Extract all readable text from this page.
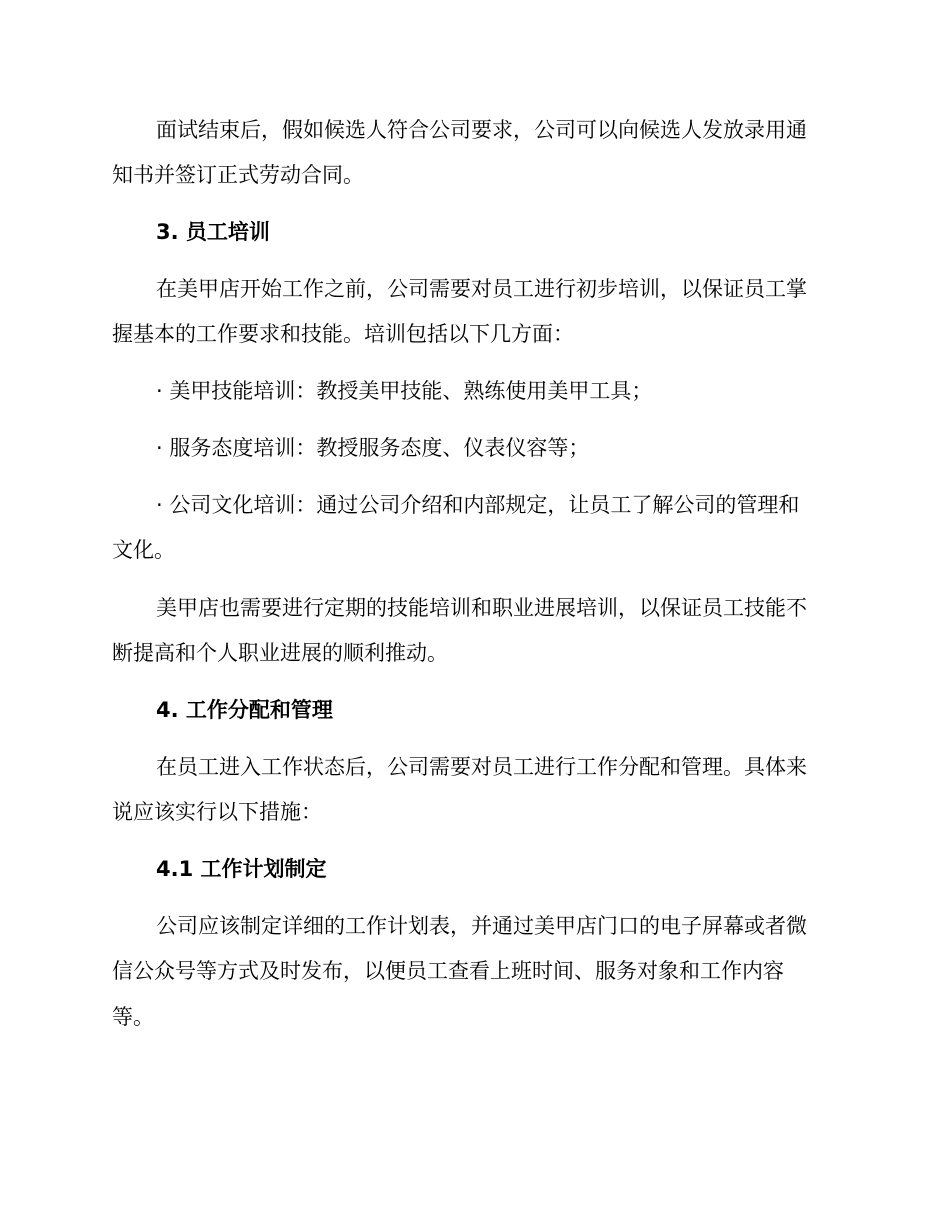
面试结束后，假如候选人符合公司要求，公司可以向候选人发放录用通
知书并签订正式劳动合同。
3. 员工培训
在美甲店开始工作之前，公司需要对员工进行初步培训，以保证员工掌
握基本的工作要求和技能。培训包括以下几方面：
· 美甲技能培训：教授美甲技能、熟练使用美甲工具；
· 服务态度培训：教授服务态度、仪表仪容等；
· 公司文化培训：通过公司介绍和内部规定，让员工了解公司的管理和
文化。
美甲店也需要进行定期的技能培训和职业进展培训，以保证员工技能不
断提高和个人职业进展的顺利推动。
4. 工作分配和管理
在员工进入工作状态后，公司需要对员工进行工作分配和管理。具体来
说应该实行以下措施：
4.1 工作计划制定
公司应该制定详细的工作计划表，并通过美甲店门口的电子屏幕或者微
信公众号等方式及时发布，以便员工查看上班时间、服务对象和工作内容
等。
